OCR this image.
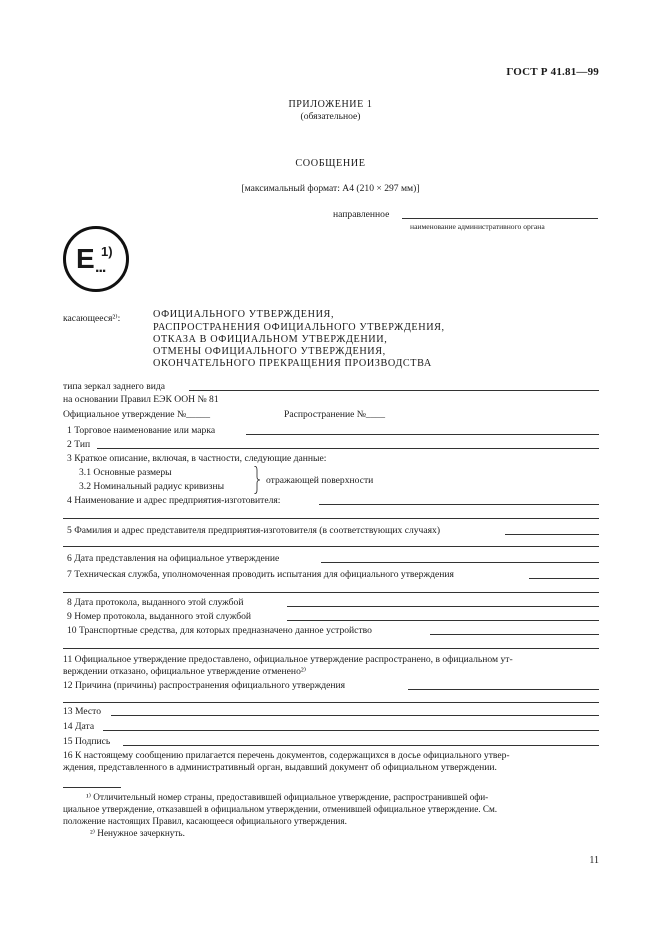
ГОСТ Р 41.81—99
ПРИЛОЖЕНИЕ 1
(обязательное)
СООБЩЕНИЕ
[максимальный формат: А4 (210 × 297 мм)]
направленное
наименование административного органа
E 1)
...
касающееся²⁾:	ОФИЦИАЛЬНОГО УТВЕРЖДЕНИЯ,
РАСПРОСТРАНЕНИЯ ОФИЦИАЛЬНОГО УТВЕРЖДЕНИЯ,
ОТКАЗА В ОФИЦИАЛЬНОМ УТВЕРЖДЕНИИ,
ОТМЕНЫ ОФИЦИАЛЬНОГО УТВЕРЖДЕНИЯ,
ОКОНЧАТЕЛЬНОГО ПРЕКРАЩЕНИЯ ПРОИЗВОДСТВА
типа зеркал заднего вида
на основании Правил ЕЭК ООН № 81
Официальное утверждение №_____	Распространение №____
1 Торговое наименование или марка
2 Тип
3 Краткое описание, включая, в частности, следующие данные:
3.1 Основные размеры
3.2 Номинальный радиус кривизны
отражающей поверхности
4 Наименование и адрес предприятия-изготовителя:
5 Фамилия и адрес представителя предприятия-изготовителя (в соответствующих случаях)
6 Дата представления на официальное утверждение
7 Техническая служба, уполномоченная проводить испытания для официального утверждения
8 Дата протокола, выданного этой службой
9 Номер протокола, выданного этой службой
10 Транспортные средства, для которых предназначено данное устройство
11 Официальное утверждение предоставлено, официальное утверждение распространено, в официальном ут-
верждении отказано, официальное утверждение отменено²⁾
12 Причина (причины) распространения официального утверждения
13 Место
14 Дата
15 Подпись
16 К настоящему сообщению прилагается перечень документов, содержащихся в досье официального утвер-
ждения, представленного в административный орган, выдавший документ об официальном утверждении.
¹⁾ Отличительный номер страны, предоставившей официальное утверждение, распространившей офи-
циальное утверждение, отказавшей в официальном утверждении, отменившей официальное утверждение. См.
положение настоящих Правил, касающееся официального утверждения.
²⁾ Ненужное зачеркнуть.
11
